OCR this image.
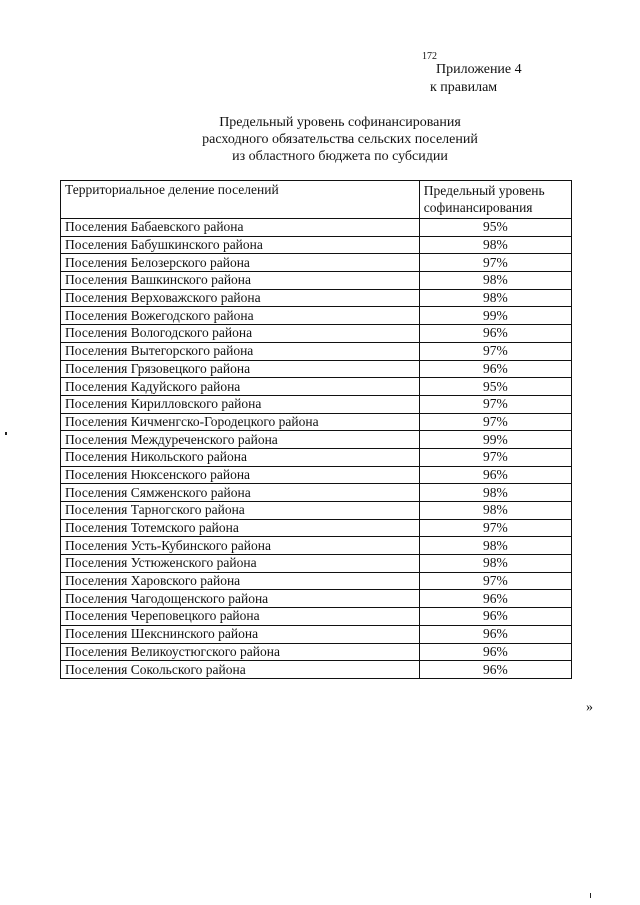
172
Приложение 4
к правилам
Предельный уровень софинансирования
расходного обязательства сельских поселений
из областного бюджета по субсидии
Территориальное деление поселений	Предельный уровень софинансирования
Поселения Бабаевского района	95%
Поселения Бабушкинского района	98%
Поселения Белозерского района	97%
Поселения Вашкинского района	98%
Поселения Верховажского района	98%
Поселения Вожегодского района	99%
Поселения Вологодского района	96%
Поселения Вытегорского района	97%
Поселения Грязовецкого района	96%
Поселения Кадуйского района	95%
Поселения Кирилловского района	97%
Поселения Кичменгско-Городецкого района	97%
Поселения Междуреченского района	99%
Поселения Никольского района	97%
Поселения Нюксенского района	96%
Поселения Сямженского района	98%
Поселения Тарногского района	98%
Поселения Тотемского района	97%
Поселения Усть-Кубинского района	98%
Поселения Устюженского района	98%
Поселения Харовского района	97%
Поселения Чагодощенского района	96%
Поселения Череповецкого района	96%
Поселения Шекснинского района	96%
Поселения Великоустюгского района	96%
Поселения Сокольского района	96%
»
